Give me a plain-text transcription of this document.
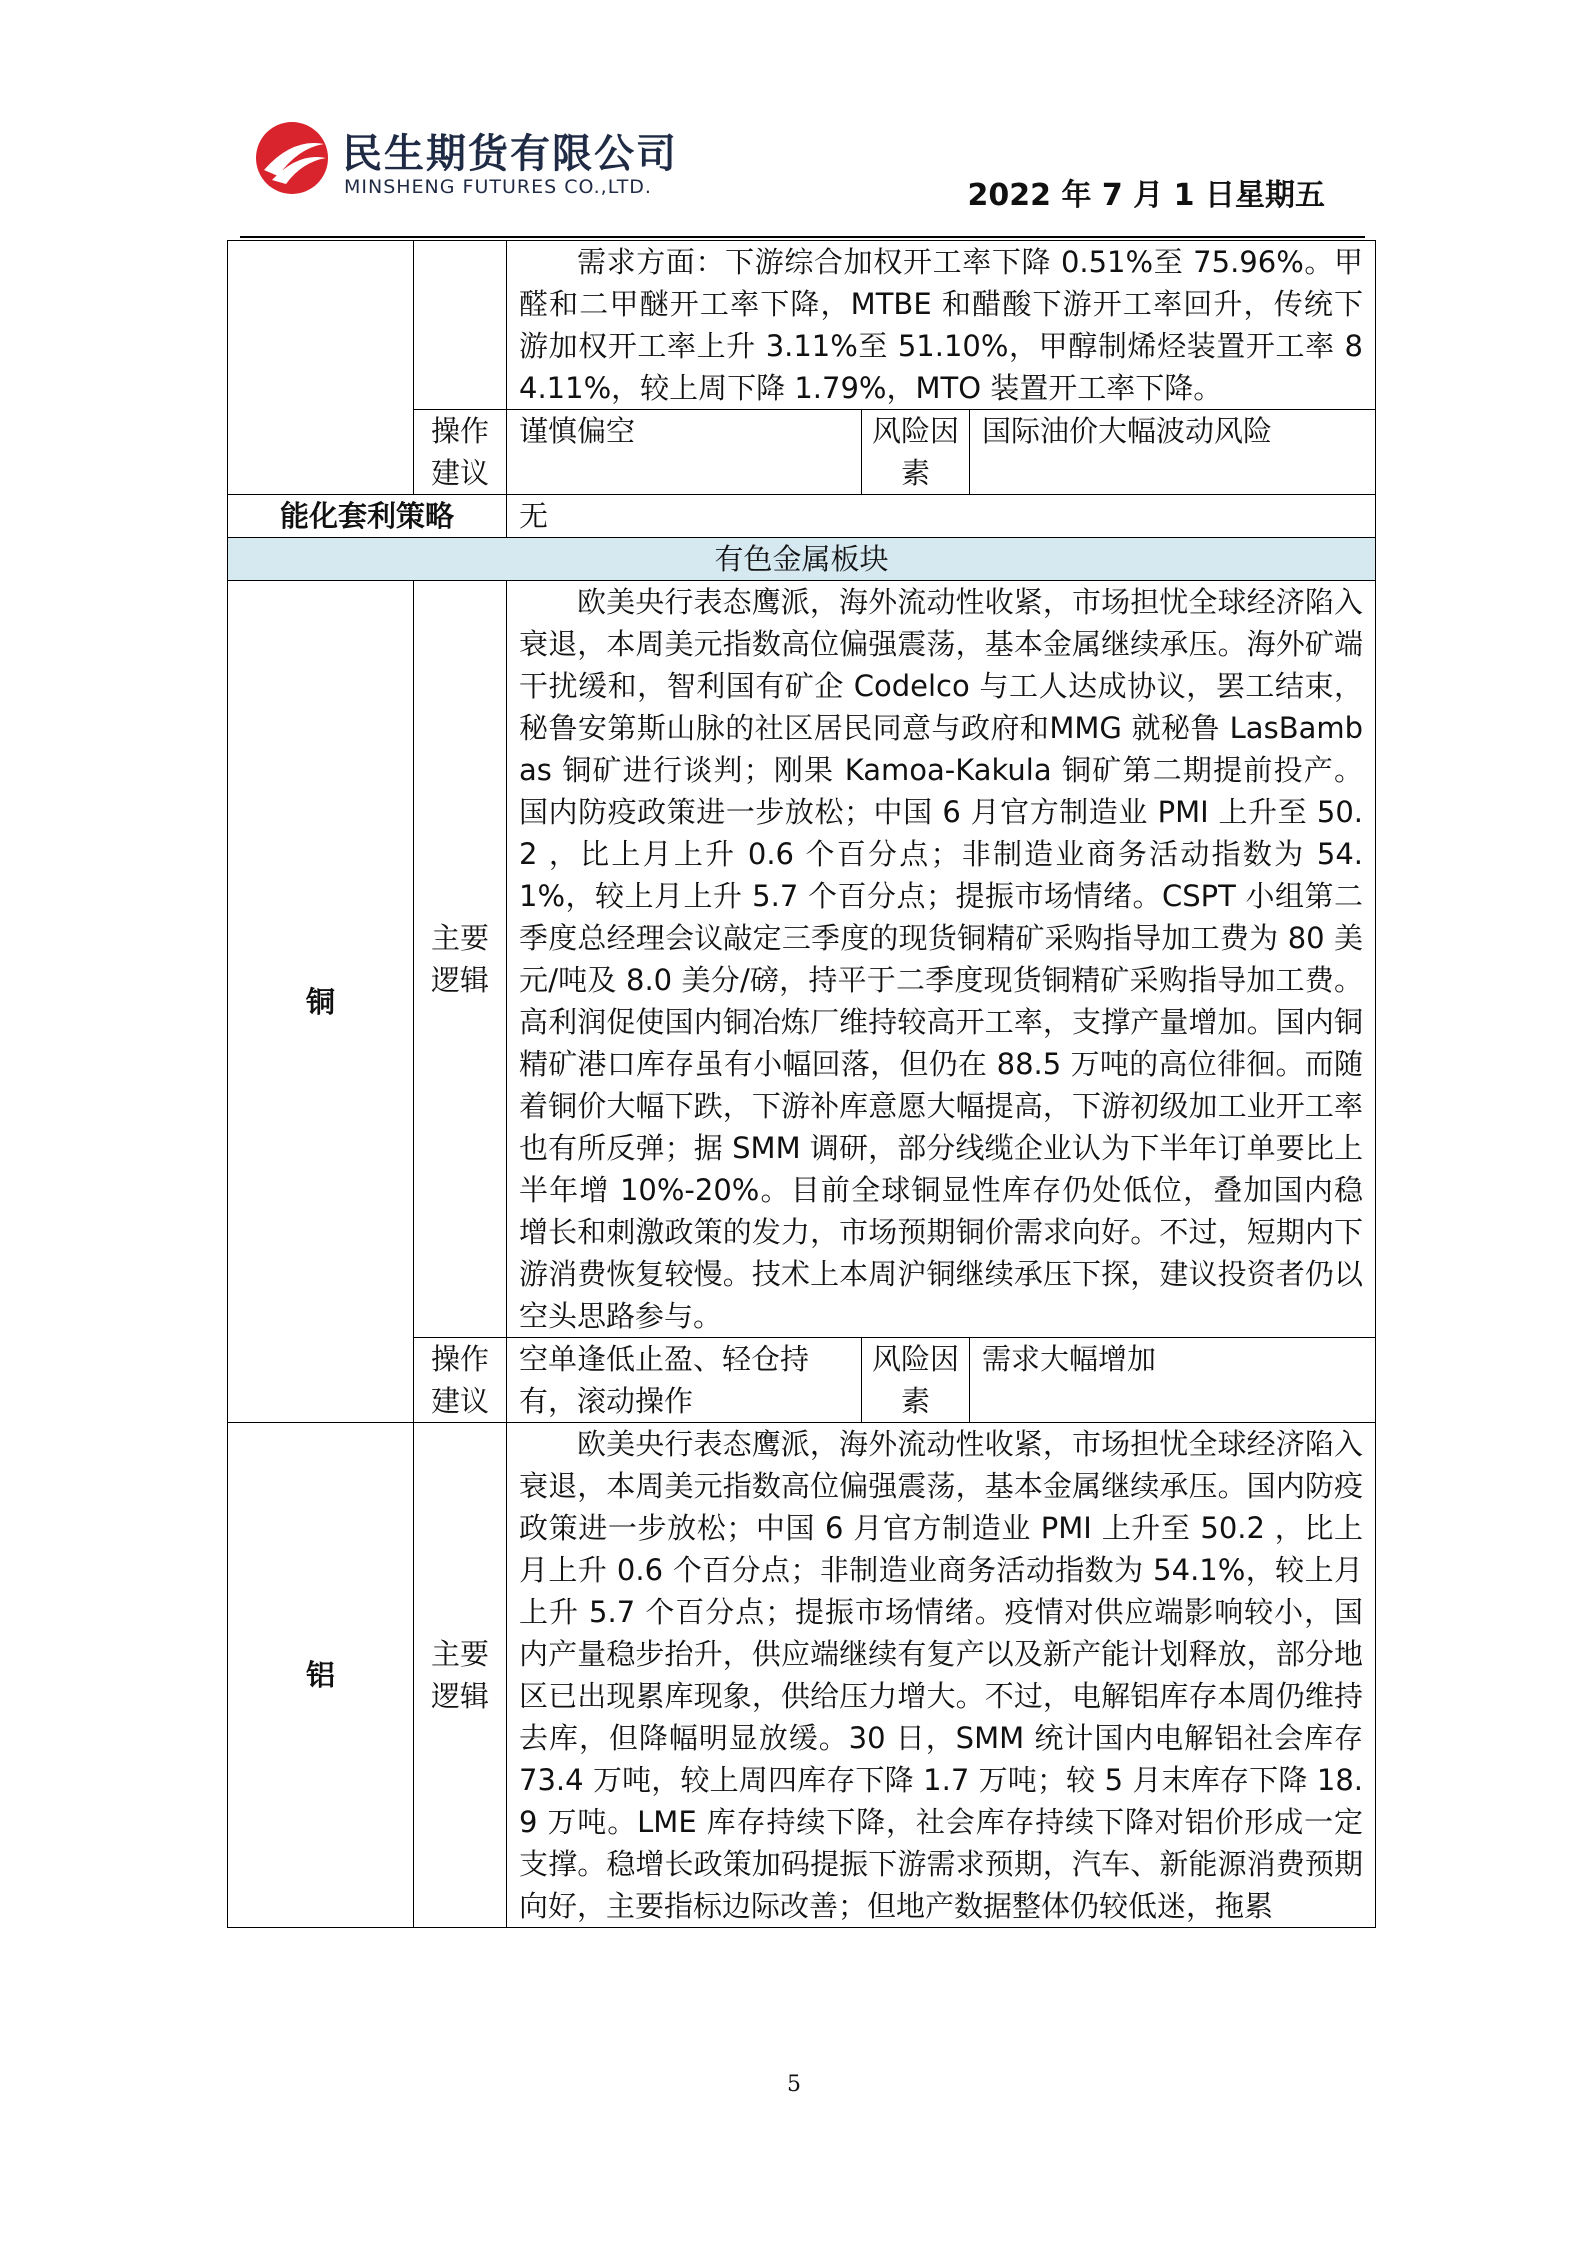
民生期货有限公司
MINSHENG FUTURES CO.,LTD.	2022 年 7 月 1 日星期五
		需求方面：下游综合加权开工率下降 0.51%至 75.96%。甲醛和二甲醚开工率下降，MTBE 和醋酸下游开工率回升，传统下游加权开工率上升 3.11%至 51.10%，甲醇制烯烃装置开工率 84.11%，较上周下降 1.79%，MTO 装置开工率下降。		
	操作建议	谨慎偏空	风险因素	国际油价大幅波动风险
能化套利策略		无		
有色金属板块				
铜	主要逻辑	欧美央行表态鹰派，海外流动性收紧，市场担忧全球经济陷入衰退，本周美元指数高位偏强震荡，基本金属继续承压。海外矿端干扰缓和，智利国有矿企 Codelco 与工人达成协议，罢工结束，秘鲁安第斯山脉的社区居民同意与政府和MMG 就秘鲁 LasBambas 铜矿进行谈判；刚果 Kamoa-Kakula 铜矿第二期提前投产。国内防疫政策进一步放松；中国 6 月官方制造业 PMI 上升至 50.2 ，比上月上升 0.6 个百分点；非制造业商务活动指数为 54.1%，较上月上升 5.7 个百分点；提振市场情绪。CSPT 小组第二季度总经理会议敲定三季度的现货铜精矿采购指导加工费为 80 美元/吨及 8.0 美分/磅，持平于二季度现货铜精矿采购指导加工费。高利润促使国内铜冶炼厂维持较高开工率，支撑产量增加。国内铜精矿港口库存虽有小幅回落，但仍在 88.5 万吨的高位徘徊。而随着铜价大幅下跌，下游补库意愿大幅提高，下游初级加工业开工率也有所反弹；据 SMM 调研，部分线缆企业认为下半年订单要比上半年增 10%-20%。目前全球铜显性库存仍处低位，叠加国内稳增长和刺激政策的发力，市场预期铜价需求向好。不过，短期内下游消费恢复较慢。技术上本周沪铜继续承压下探，建议投资者仍以空头思路参与。		
	操作建议	空单逢低止盈、轻仓持有，滚动操作	风险因素	需求大幅增加
铝	主要逻辑	欧美央行表态鹰派，海外流动性收紧，市场担忧全球经济陷入衰退，本周美元指数高位偏强震荡，基本金属继续承压。国内防疫政策进一步放松；中国 6 月官方制造业 PMI 上升至 50.2 ，比上月上升 0.6 个百分点；非制造业商务活动指数为 54.1%，较上月上升 5.7 个百分点；提振市场情绪。疫情对供应端影响较小，国内产量稳步抬升，供应端继续有复产以及新产能计划释放，部分地区已出现累库现象，供给压力增大。不过，电解铝库存本周仍维持去库，但降幅明显放缓。30 日，SMM 统计国内电解铝社会库存 73.4 万吨，较上周四库存下降 1.7 万吨；较 5 月末库存下降 18.9 万吨。LME 库存持续下降，社会库存持续下降对铝价形成一定支撑。稳增长政策加码提振下游需求预期，汽车、新能源消费预期向好，主要指标边际改善；但地产数据整体仍较低迷，拖累		
5
